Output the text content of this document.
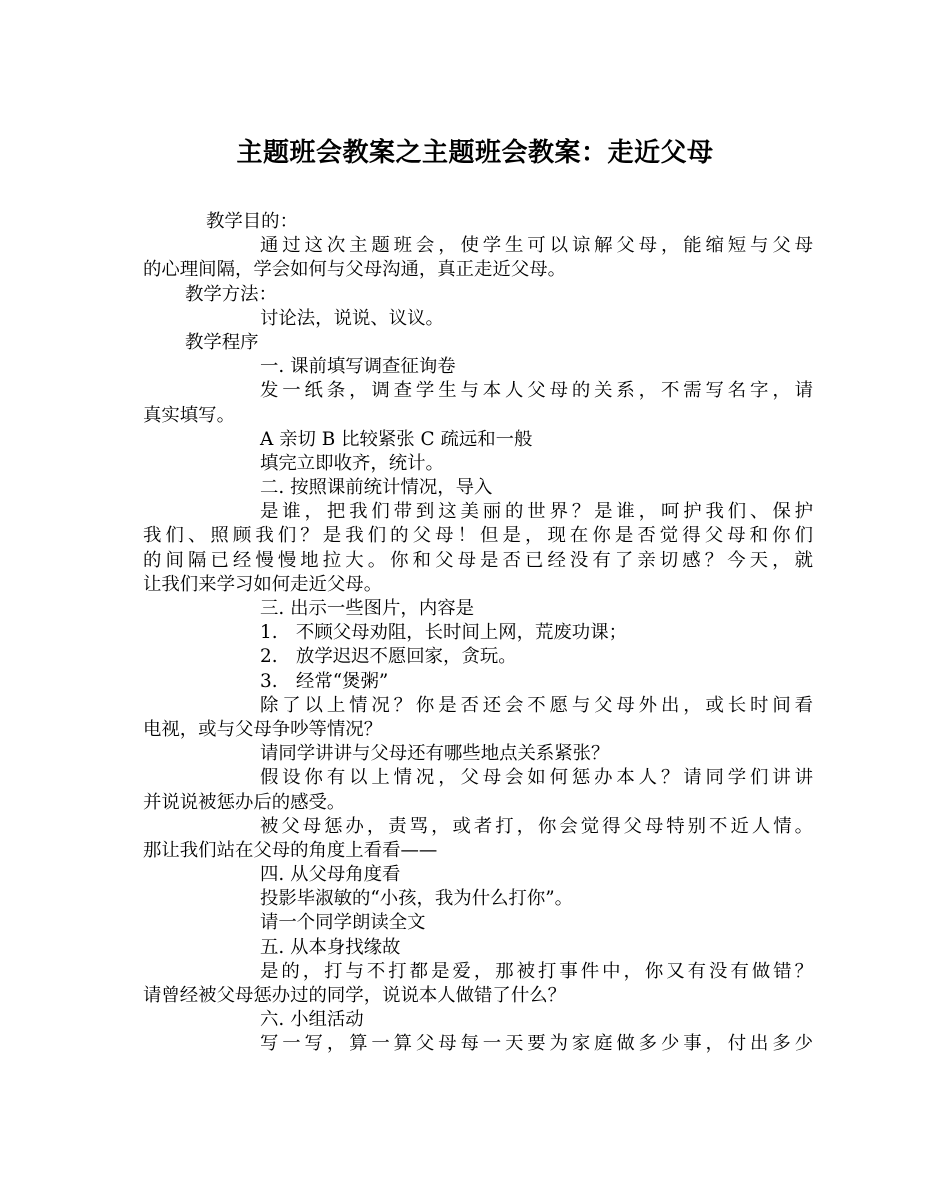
主题班会教案之主题班会教案：走近父母
教学目的：
通过这次主题班会，使学生可以谅解父母，能缩短与父母
的心理间隔，学会如何与父母沟通，真正走近父母。
教学方法：
讨论法，说说、议议。
教学程序
一. 课前填写调查征询卷
发一纸条，调查学生与本人父母的关系，不需写名字，请
真实填写。
A 亲切 B 比较紧张 C 疏远和一般
填完立即收齐，统计。
二. 按照课前统计情况，导入
是谁，把我们带到这美丽的世界？是谁，呵护我们、保护
我们、照顾我们？是我们的父母！但是，现在你是否觉得父母和你们
的间隔已经慢慢地拉大。你和父母是否已经没有了亲切感？今天，就
让我们来学习如何走近父母。
三. 出示一些图片，内容是
1.　不顾父母劝阻，长时间上网，荒废功课；
2.　放学迟迟不愿回家，贪玩。
3.　经常“煲粥”
除了以上情况？你是否还会不愿与父母外出，或长时间看
电视，或与父母争吵等情况？
请同学讲讲与父母还有哪些地点关系紧张？
假设你有以上情况，父母会如何惩办本人？请同学们讲讲
并说说被惩办后的感受。
被父母惩办，责骂，或者打，你会觉得父母特别不近人情。
那让我们站在父母的角度上看看——
四. 从父母角度看
投影毕淑敏的“小孩，我为什么打你”。
请一个同学朗读全文
五. 从本身找缘故
是的，打与不打都是爱，那被打事件中，你又有没有做错？
请曾经被父母惩办过的同学，说说本人做错了什么？
六. 小组活动
写一写，算一算父母每一天要为家庭做多少事，付出多少
